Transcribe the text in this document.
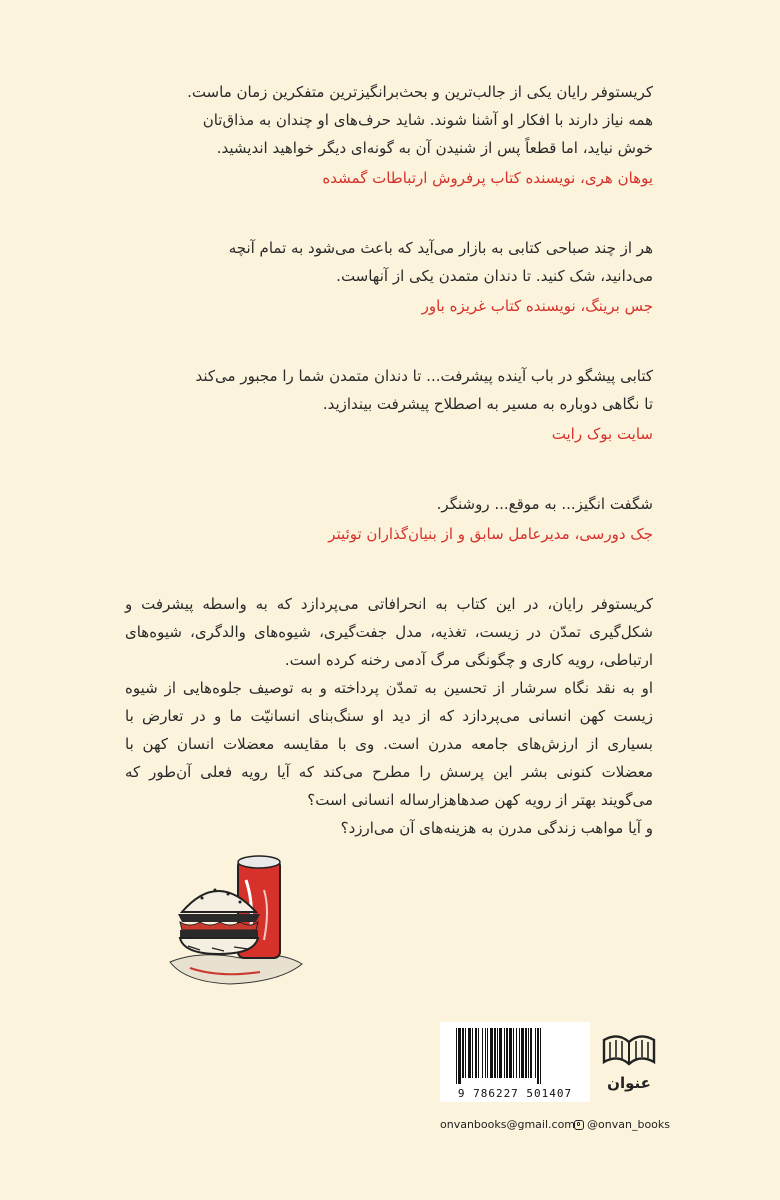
کریستوفر رایان یکی از جالب‌ترین و بحث‌برانگیزترین متفکرین زمان ماست.

همه نیاز دارند با افکار او آشنا شوند. شاید حرف‌های او چندان به مذاق‌تان

خوش نیاید، اما قطعاً پس از شنیدن آن به گونه‌ای دیگر خواهید اندیشید.

یوهان هری، نویسنده کتاب پرفروش ارتباطات گمشده

هر از چند صباحی کتابی به بازار می‌آید که باعث می‌شود به تمام آنچه

می‌دانید، شک کنید. تا دندان متمدن یکی از آنهاست.

جس برینگ، نویسنده کتاب غریزه باور

کتابی پیشگو در باب آینده پیشرفت... تا دندان متمدن شما را مجبور می‌کند

تا نگاهی دوباره به مسیر به اصطلاح پیشرفت بیندازید.

سایت بوک رایت

شگفت انگیز... به موقع... روشنگر.

جک دورسی، مدیرعامل سابق و از بنیان‌گذاران توئیتر

کریستوفر رایان، در این کتاب به انحرافاتی می‌پردازد که به واسطه پیشرفت و شکل‌گیری تمدّن در زیست، تغذیه، مدل جفت‌گیری، شیوه‌های والدگری، شیوه‌های ارتباطی، رویه کاری و چگونگی مرگ آدمی رخنه کرده است.

او به نقد نگاه سرشار از تحسین به تمدّن پرداخته و به توصیف جلوه‌هایی از شیوه زیست کهن انسانی می‌پردازد که از دید او سنگ‌بنای انسانیّت ما و در تعارض با بسیاری از ارزش‌های جامعه مدرن است. وی با مقایسه معضلات انسان کهن با معضلات کنونی بشر این پرسش را مطرح می‌کند که آیا رویه فعلی آن‌طور که می‌گویند بهتر از رویه کهن صدهاهزارساله انسانی است؟

و آیا مواهب زندگی مدرن به هزینه‌های آن می‌ارزد؟

9 786227 501407
عنوان
onvanbooks@gmail.com @onvan_books
